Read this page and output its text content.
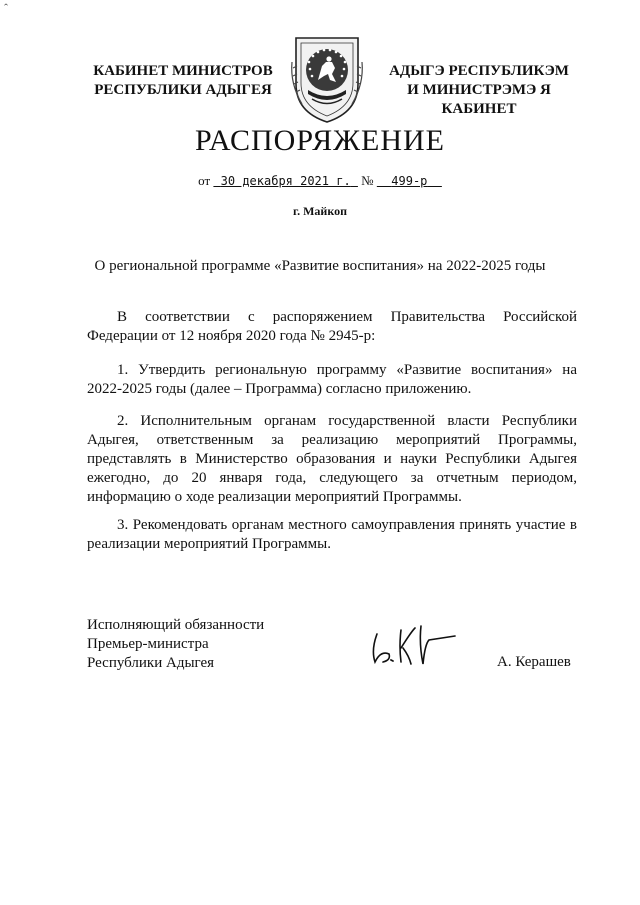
ˆ
КАБИНЕТ МИНИСТРОВ
РЕСПУБЛИКИ АДЫГЕЯ
АДЫГЭ РЕСПУБЛИКЭМ
И МИНИСТРЭМЭ Я КАБИНЕТ
РАСПОРЯЖЕНИЕ
от 30 декабря 2021 г. № 499-р
г. Майкоп
О региональной программе «Развитие воспитания» на 2022-2025 годы
В соответствии с распоряжением Правительства Российской Федерации от 12 ноября 2020 года № 2945-р:
1. Утвердить региональную программу «Развитие воспитания» на 2022-2025 годы (далее – Программа) согласно приложению.
2. Исполнительным органам государственной власти Республики Адыгея, ответственным за реализацию мероприятий Программы, представлять в Министерство образования и науки Республики Адыгея ежегодно, до 20 января года, следующего за отчетным периодом, информацию о ходе реализации мероприятий Программы.
3. Рекомендовать органам местного самоуправления принять участие в реализации мероприятий Программы.
Исполняющий обязанности
Премьер-министра
Республики Адыгея	А. Керашев
